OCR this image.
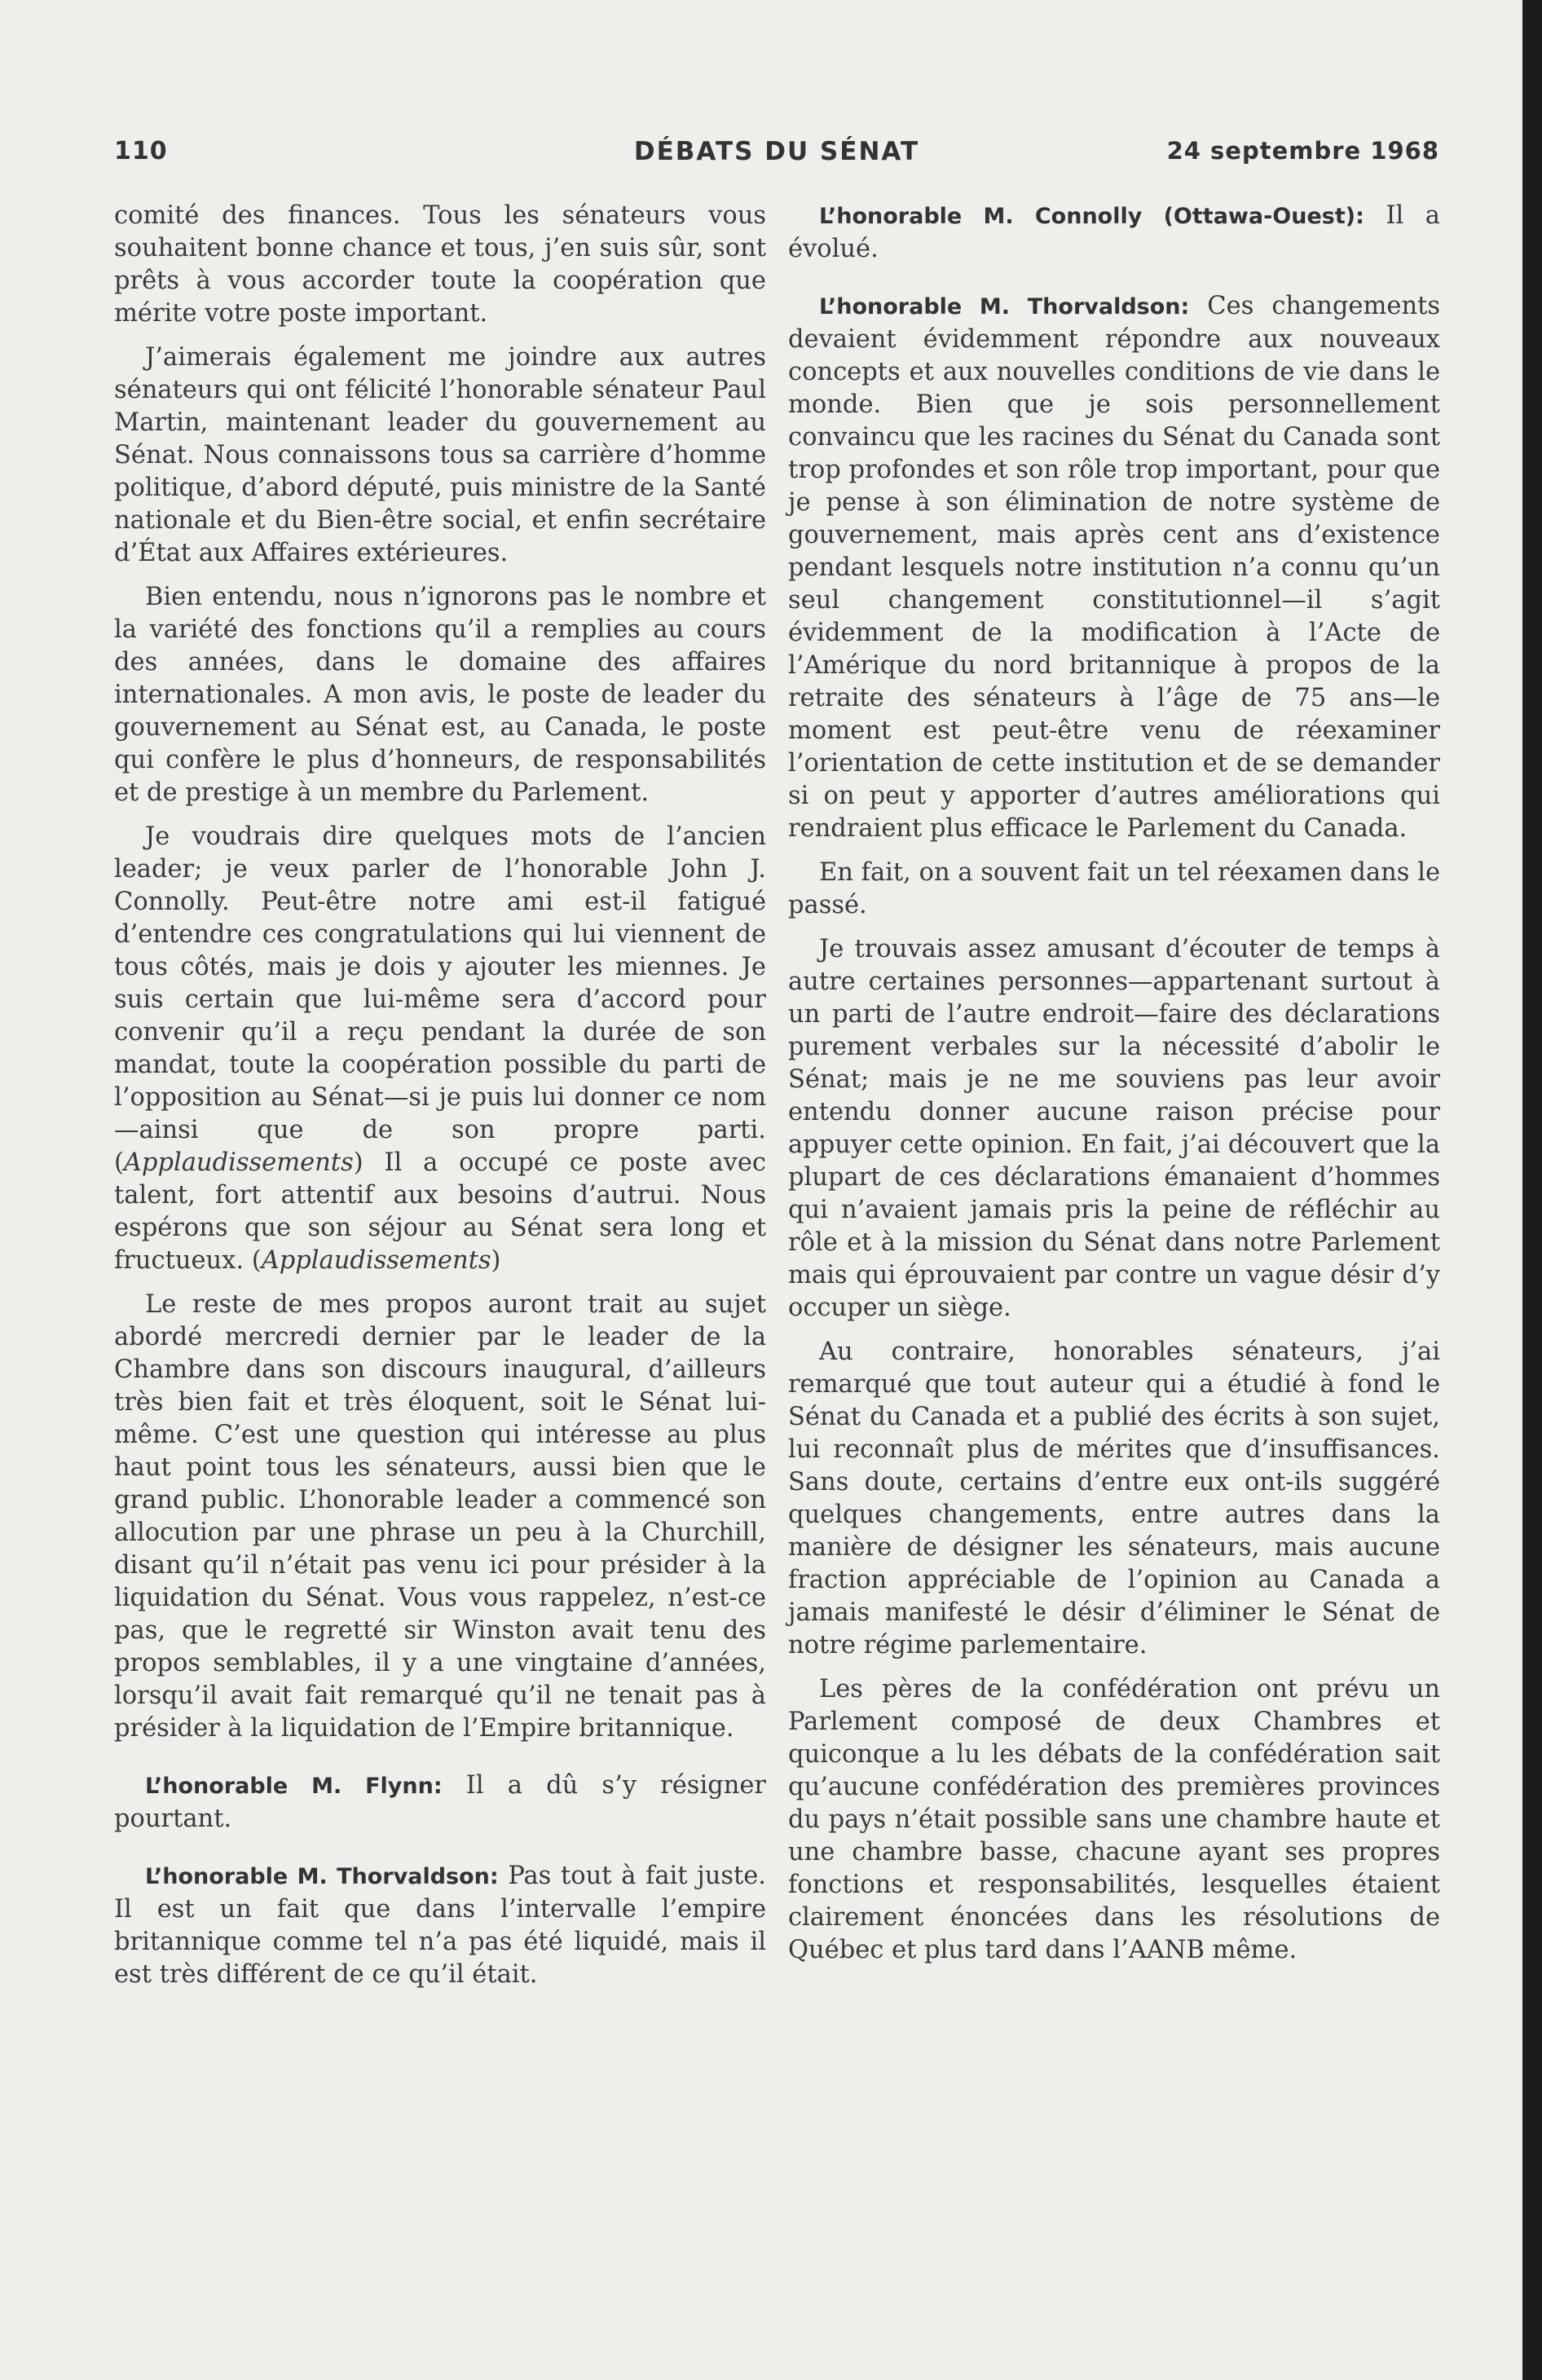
110	DÉBATS DU SÉNAT	24 septembre 1968

comité des finances. Tous les sénateurs vous souhaitent bonne chance et tous, j’en suis sûr, sont prêts à vous accorder toute la coopération que mérite votre poste important.

J’aimerais également me joindre aux autres sénateurs qui ont félicité l’honorable sénateur Paul Martin, maintenant leader du gouvernement au Sénat. Nous connaissons tous sa carrière d’homme politique, d’abord député, puis ministre de la Santé nationale et du Bien-être social, et enfin secrétaire d’État aux Affaires extérieures.

Bien entendu, nous n’ignorons pas le nombre et la variété des fonctions qu’il a remplies au cours des années, dans le domaine des affaires internationales. A mon avis, le poste de leader du gouvernement au Sénat est, au Canada, le poste qui confère le plus d’honneurs, de responsabilités et de prestige à un membre du Parlement.

Je voudrais dire quelques mots de l’ancien leader; je veux parler de l’honorable John J. Connolly. Peut-être notre ami est-il fatigué d’entendre ces congratulations qui lui viennent de tous côtés, mais je dois y ajouter les miennes. Je suis certain que lui-même sera d’accord pour convenir qu’il a reçu pendant la durée de son mandat, toute la coopération possible du parti de l’opposition au Sénat—si je puis lui donner ce nom—ainsi que de son propre parti. (Applaudissements) Il a occupé ce poste avec talent, fort attentif aux besoins d’autrui. Nous espérons que son séjour au Sénat sera long et fructueux. (Applaudissements)

Le reste de mes propos auront trait au sujet abordé mercredi dernier par le leader de la Chambre dans son discours inaugural, d’ailleurs très bien fait et très éloquent, soit le Sénat lui-même. C’est une question qui intéresse au plus haut point tous les sénateurs, aussi bien que le grand public. L’honorable leader a commencé son allocution par une phrase un peu à la Churchill, disant qu’il n’était pas venu ici pour présider à la liquidation du Sénat. Vous vous rappelez, n’est-ce pas, que le regretté sir Winston avait tenu des propos semblables, il y a une vingtaine d’années, lorsqu’il avait fait remarqué qu’il ne tenait pas à présider à la liquidation de l’Empire britannique.

L’honorable M. Flynn: Il a dû s’y résigner pourtant.

L’honorable M. Thorvaldson: Pas tout à fait juste. Il est un fait que dans l’intervalle l’empire britannique comme tel n’a pas été liquidé, mais il est très différent de ce qu’il était.

L’honorable M. Connolly (Ottawa-Ouest): Il a évolué.

L’honorable M. Thorvaldson: Ces changements devaient évidemment répondre aux nouveaux concepts et aux nouvelles conditions de vie dans le monde. Bien que je sois personnellement convaincu que les racines du Sénat du Canada sont trop profondes et son rôle trop important, pour que je pense à son élimination de notre système de gouvernement, mais après cent ans d’existence pendant lesquels notre institution n’a connu qu’un seul changement constitutionnel—il s’agit évidemment de la modification à l’Acte de l’Amérique du nord britannique à propos de la retraite des sénateurs à l’âge de 75 ans—le moment est peut-être venu de réexaminer l’orientation de cette institution et de se demander si on peut y apporter d’autres améliorations qui rendraient plus efficace le Parlement du Canada.

En fait, on a souvent fait un tel réexamen dans le passé.

Je trouvais assez amusant d’écouter de temps à autre certaines personnes—appartenant surtout à un parti de l’autre endroit—faire des déclarations purement verbales sur la nécessité d’abolir le Sénat; mais je ne me souviens pas leur avoir entendu donner aucune raison précise pour appuyer cette opinion. En fait, j’ai découvert que la plupart de ces déclarations émanaient d’hommes qui n’avaient jamais pris la peine de réfléchir au rôle et à la mission du Sénat dans notre Parlement mais qui éprouvaient par contre un vague désir d’y occuper un siège.

Au contraire, honorables sénateurs, j’ai remarqué que tout auteur qui a étudié à fond le Sénat du Canada et a publié des écrits à son sujet, lui reconnaît plus de mérites que d’insuffisances. Sans doute, certains d’entre eux ont-ils suggéré quelques changements, entre autres dans la manière de désigner les sénateurs, mais aucune fraction appréciable de l’opinion au Canada a jamais manifesté le désir d’éliminer le Sénat de notre régime parlementaire.

Les pères de la confédération ont prévu un Parlement composé de deux Chambres et quiconque a lu les débats de la confédération sait qu’aucune confédération des premières provinces du pays n’était possible sans une chambre haute et une chambre basse, chacune ayant ses propres fonctions et responsabilités, lesquelles étaient clairement énoncées dans les résolutions de Québec et plus tard dans l’AANB même.
